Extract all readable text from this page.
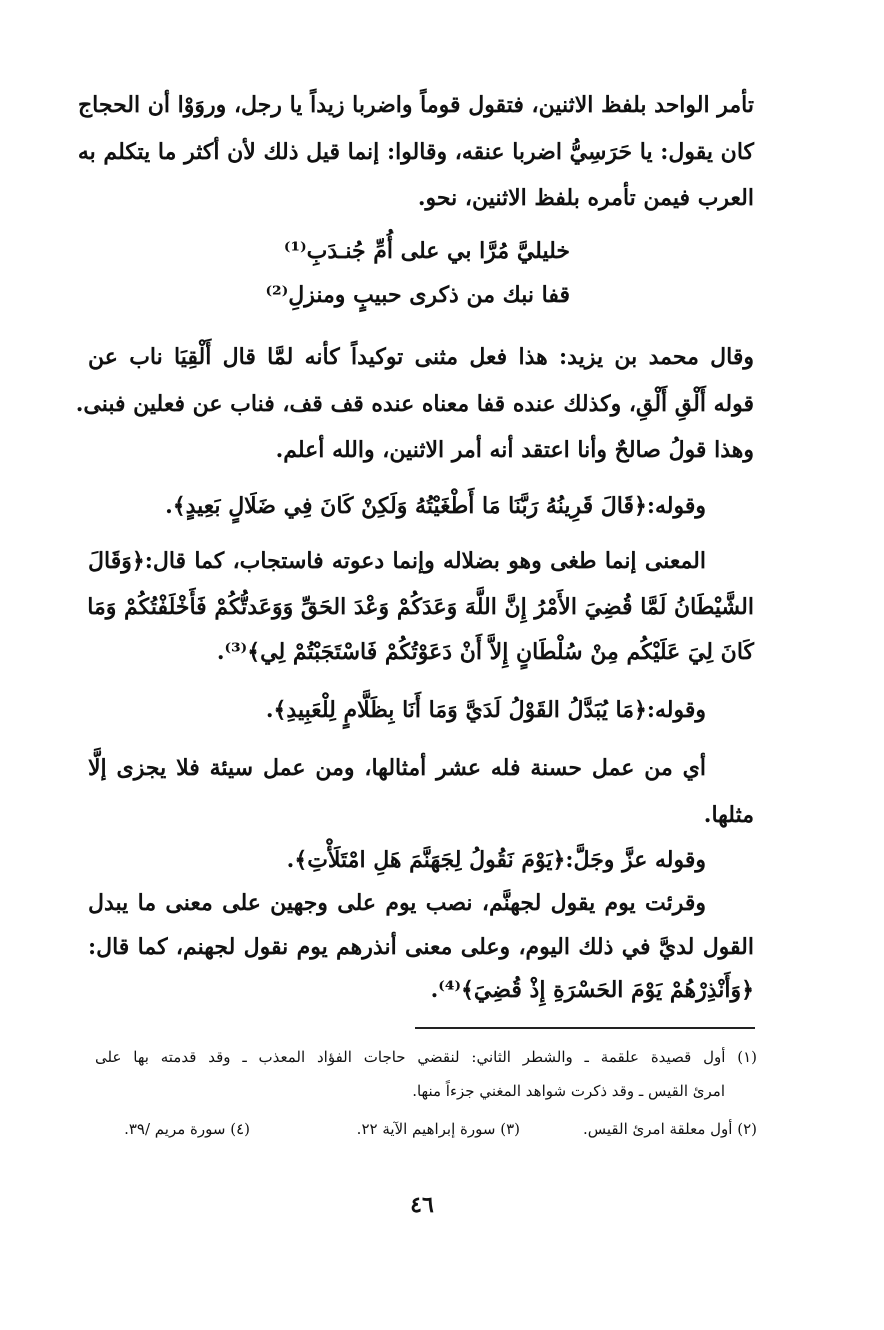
تأمر الواحد بلفظ الاثنين، فتقول قوماً واضربا زيداً يا رجل، وروَوْا أن الحجاج
كان يقول: يا حَرَسِيُّ اضربا عنقه، وقالوا: إنما قيل ذلك لأن أكثر ما يتكلم به
العرب فيمن تأمره بلفظ الاثنين، نحو.
خليليَّ مُرَّا بي على أُمِّ جُنـدَبِ⁽¹⁾
قفا نبك من ذكرى حبيبٍ ومنزلِ⁽²⁾
وقال محمد بن يزيد: هذا فعل مثنى توكيداً كأنه لمَّا قال أَلْقِيَا ناب عن
قوله أَلْقِ أَلْقِ، وكذلك عنده قفا معناه عنده قف قف، فناب عن فعلين فبنى.
وهذا قولُ صالحٌ وأنا اعتقد أنه أمر الاثنين، والله أعلم.
وقوله:﴿قَالَ قَرِينُهُ رَبَّنَا مَا أَطْغَيْتُهُ وَلَكِنْ كَانَ فِي ضَلَالٍ بَعِيدٍ﴾.
المعنى إنما طغى وهو بضلاله وإنما دعوته فاستجاب، كما قال:﴿وَقَالَ
الشَّيْطَانُ لَمَّا قُضِيَ الأَمْرُ إِنَّ اللَّهَ وَعَدَكُمْ وَعْدَ الحَقِّ وَوَعَدتُّكُمْ فَأَخْلَفْتُكُمْ وَمَا
كَانَ لِيَ عَلَيْكُم مِنْ سُلْطَانٍ إِلاَّ أَنْ دَعَوْتُكُمْ فَاسْتَجَبْتُمْ لِي﴾⁽³⁾.
وقوله:﴿مَا يُبَدَّلُ القَوْلُ لَدَيَّ وَمَا أَنَا بِظَلَّامٍ لِلْعَبِيدِ﴾.
أي من عمل حسنة فله عشر أمثالها، ومن عمل سيئة فلا يجزى إلَّا
مثلها.
وقوله عزَّ وجَلَّ:﴿يَوْمَ نَقُولُ لِجَهَنَّمَ هَلِ امْتَلَأْتِ﴾.
وقرئت يوم يقول لجهنَّم، نصب يوم على وجهين على معنى ما يبدل
القول لديَّ في ذلك اليوم، وعلى معنى أنذرهم يوم نقول لجهنم، كما قال:
﴿وَأَنْذِرْهُمْ يَوْمَ الحَسْرَةِ إِذْ قُضِيَ﴾⁽⁴⁾.
(١) أول قصيدة علقمة ـ والشطر الثاني: لنقضي حاجات الفؤاد المعذب ـ وقد قدمته بها على
امرئ القيس ـ وقد ذكرت شواهد المغني جزءاً منها.
(٢) أول معلقة امرئ القيس.
(٣) سورة إبراهيم الآية ٢٢.
(٤) سورة مريم /٣٩.
٤٦
